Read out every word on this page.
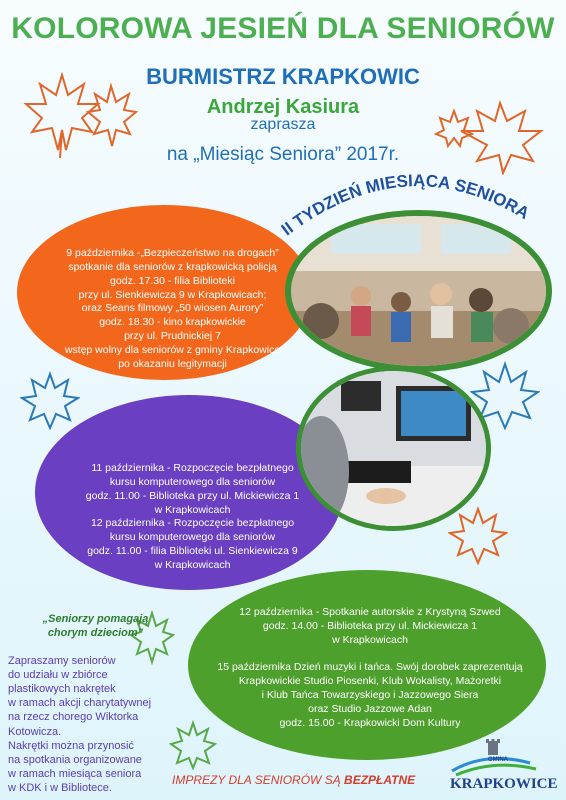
KOLOROWA JESIEŃ DLA SENIORÓW
BURMISTRZ KRAPKOWIC
Andrzej Kasiura
zaprasza
na „Miesiąc Seniora” 2017r.
II TYDZIEŃ MIESIĄCA SENIORA
9 października -„Bezpieczeństwo na drogach”
spotkanie dla seniorów z krapkowicką policją
godz. 17.30 - filia Biblioteki
przy ul. Sienkiewicza 9 w Krapkowicach;
oraz Seans filmowy „50 wiosen Aurory”
godz. 18.30 - kino krapkowickie
przy ul. Prudnickiej 7
wstęp wolny dla seniorów z gminy Krapkowice
po okazaniu legitymacji
11 października - Rozpoczęcie bezpłatnego
kursu komputerowego dla seniorów
godz. 11.00 - Biblioteka przy ul. Mickiewicza 1
w Krapkowicach
12 października - Rozpoczęcie bezpłatnego
kursu komputerowego dla seniorów
godz. 11.00 - filia Biblioteki ul. Sienkiewicza 9
w Krapkowicach
12 października - Spotkanie autorskie z Krystyną Szwed
godz. 14.00 - Biblioteka przy ul. Mickiewicza 1
w Krapkowicach

15 października Dzień muzyki i tańca. Swój dorobek zaprezentują
Krapkowickie Studio Piosenki, Klub Wokalisty, Mażoretki
i Klub Tańca Towarzyskiego i Jazzowego Siera
oraz Studio Jazzowe Adan
godz. 15.00 - Krapkowicki Dom Kultury
„Seniorzy pomagają
chorym dzieciom”
Zapraszamy seniorów
do udziału w zbiórce
plastikowych nakrętek
w ramach akcji charytatywnej
na rzecz chorego Wiktorka Kotowicza.
Nakrętki można przynosić
na spotkania organizowane
w ramach miesiąca seniora
w KDK i w Bibliotece.
IMPREZY DLA SENIORÓW SĄ BEZPŁATNE
GMINA
KRAPKOWICE
